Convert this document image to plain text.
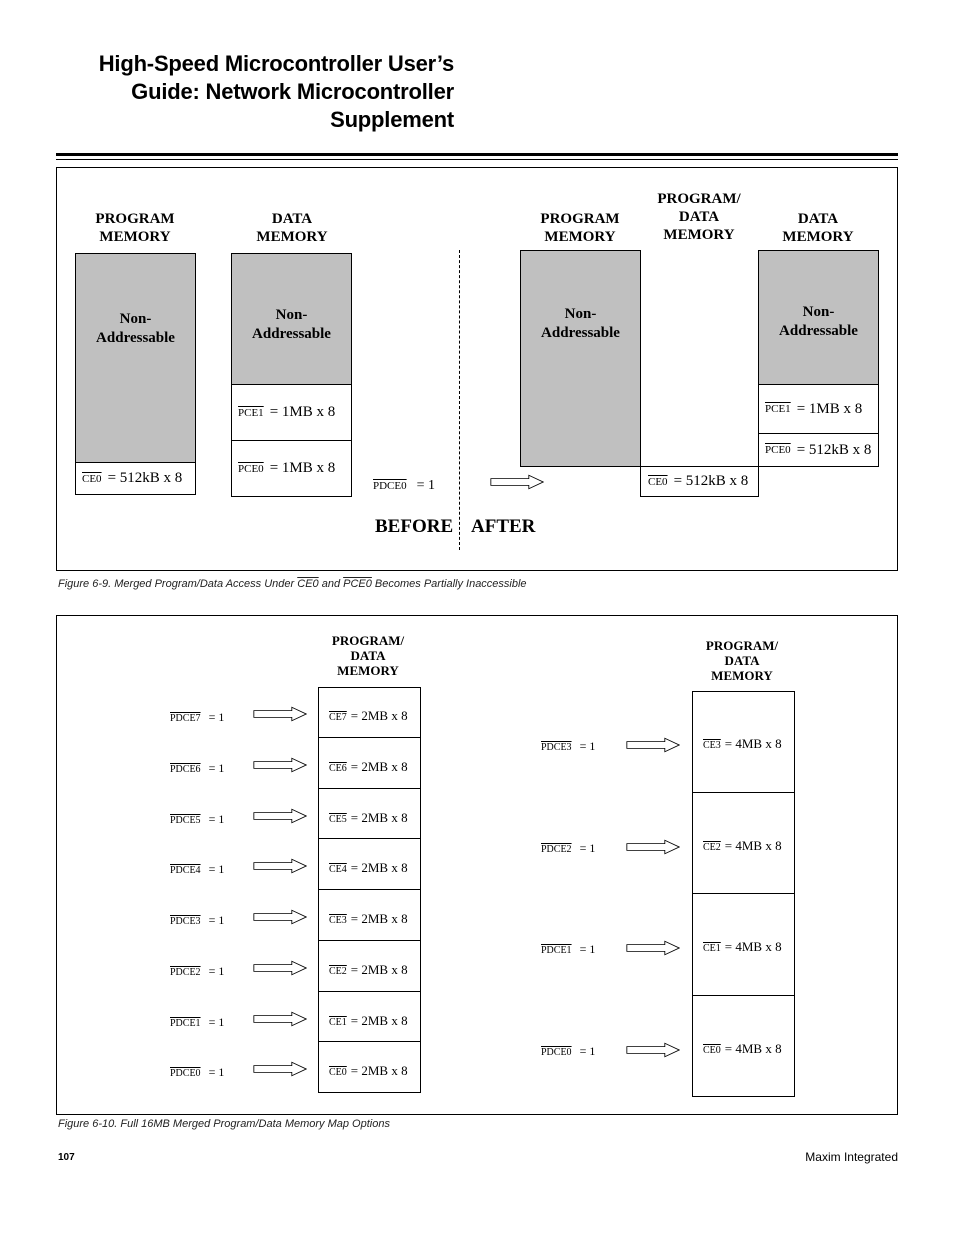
High-Speed Microcontroller User’s
Guide: Network Microcontroller
Supplement
PROGRAM
MEMORY
Non-
Addressable
CE0 = 512kB x 8
DATA
MEMORY
Non-
Addressable
PCE1 = 1MB x 8
PCE0 = 1MB x 8
PDCE0 = 1
BEFORE AFTER
PROGRAM
MEMORY
Non-
Addressable
PROGRAM/
DATA
MEMORY
CE0 = 512kB x 8
DATA
MEMORY
Non-
Addressable
PCE1 = 1MB x 8
PCE0 = 512kB x 8
Figure 6-9. Merged Program/Data Access Under CE0 and PCE0 Becomes Partially Inaccessible
PROGRAM/
DATA
MEMORY
CE7 = 2MB x 8
PDCE7 = 1
CE6 = 2MB x 8
PDCE6 = 1
CE5 = 2MB x 8
PDCE5 = 1
CE4 = 2MB x 8
PDCE4 = 1
CE3 = 2MB x 8
PDCE3 = 1
CE2 = 2MB x 8
PDCE2 = 1
CE1 = 2MB x 8
PDCE1 = 1
CE0 = 2MB x 8
PDCE0 = 1
PROGRAM/
DATA
MEMORY
CE3 = 4MB x 8
PDCE3 = 1
CE2 = 4MB x 8
PDCE2 = 1
CE1 = 4MB x 8
PDCE1 = 1
CE0 = 4MB x 8
PDCE0 = 1
Figure 6-10. Full 16MB Merged Program/Data Memory Map Options
107	Maxim Integrated
